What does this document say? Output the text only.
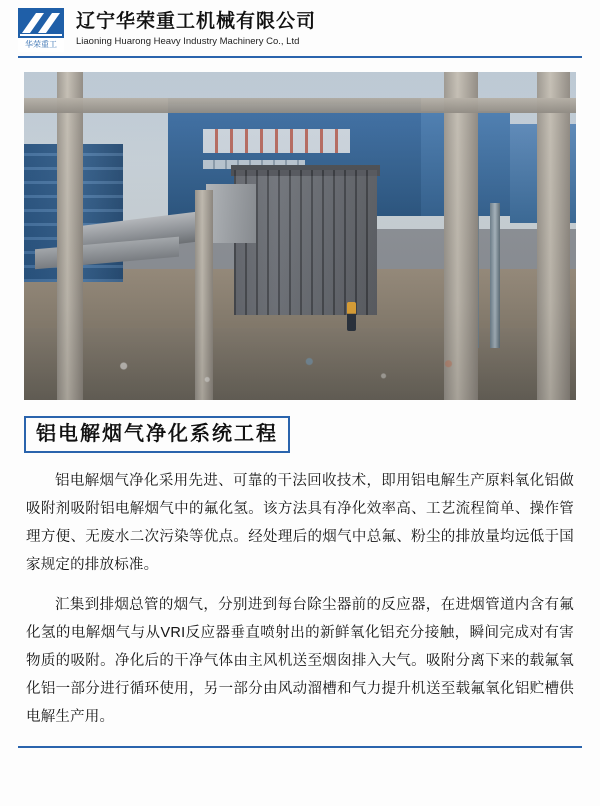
华荣重工
辽宁华荣重工机械有限公司
Liaoning Huarong Heavy Industry Machinery Co., Ltd
铝电解烟气净化系统工程

铝电解烟气净化采用先进、可靠的干法回收技术，即用铝电解生产原料氧化铝做吸附剂吸附铝电解烟气中的氟化氢。该方法具有净化效率高、工艺流程简单、操作管理方便、无废水二次污染等优点。经处理后的烟气中总氟、粉尘的排放量均远低于国家规定的排放标准。

汇集到排烟总管的烟气，分别进到每台除尘器前的反应器，在进烟管道内含有氟化氢的电解烟气与从VRI反应器垂直喷射出的新鲜氧化铝充分接触，瞬间完成对有害物质的吸附。净化后的干净气体由主风机送至烟囱排入大气。吸附分离下来的载氟氧化铝一部分进行循环使用，另一部分由风动溜槽和气力提升机送至载氟氧化铝贮槽供电解生产用。
